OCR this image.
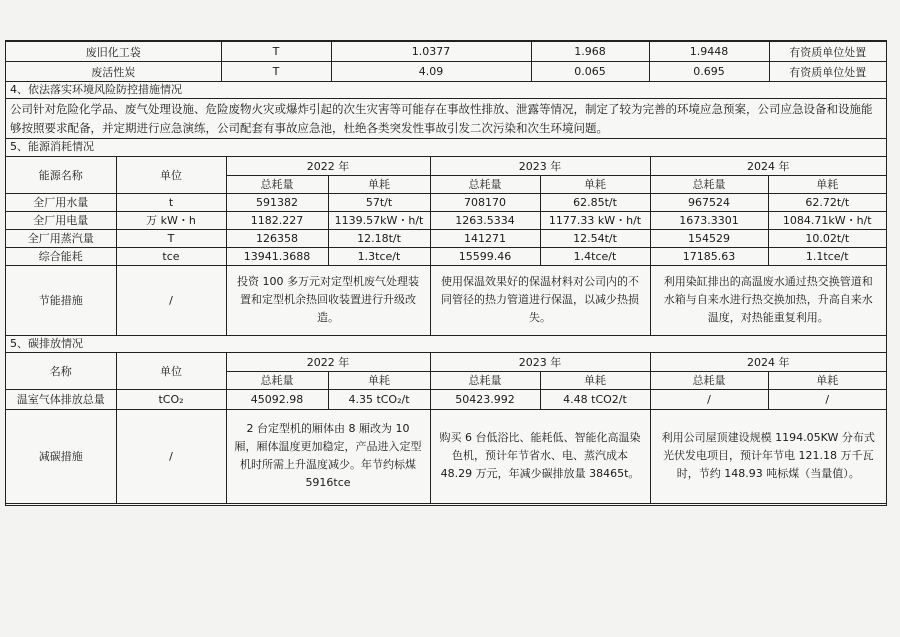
废旧化工袋	T	1.0377	1.968	1.9448	有资质单位处置
废活性炭	T	4.09	0.065	0.695	有资质单位处置
4、依法落实环境风险防控措施情况
公司针对危险化学品、废气处理设施、危险废物火灾或爆炸引起的次生灾害等可能存在事故性排放、泄露等情况，制定了较为完善的环境应急预案，公司应急设备和设施能够按照要求配备，并定期进行应急演练，公司配套有事故应急池，杜绝各类突发性事故引发二次污染和次生环境问题。
5、能源消耗情况
能源名称	单位	2022 年		2023 年		2024 年	
		总耗量	单耗	总耗量	单耗	总耗量	单耗
全厂用水量	t	591382	57t/t	708170	62.85t/t	967524	62.72t/t
全厂用电量	万 kW・h	1182.227	1139.57kW・h/t	1263.5334	1177.33 kW・h/t	1673.3301	1084.71kW・h/t
全厂用蒸汽量	T	126358	12.18t/t	141271	12.54t/t	154529	10.02t/t
综合能耗	tce	13941.3688	1.3tce/t	15599.46	1.4tce/t	17185.63	1.1tce/t
节能措施	/	投资 100 多万元对定型机废气处理装置和定型机余热回收装置进行升级改造。		使用保温效果好的保温材料对公司内的不同管径的热力管道进行保温，以减少热损失。		利用染缸排出的高温废水通过热交换管道和水箱与自来水进行热交换加热，升高自来水温度，对热能重复利用。	
5、碳排放情况
名称	单位	2022 年		2023 年		2024 年	
		总耗量	单耗	总耗量	单耗	总耗量	单耗
温室气体排放总量	tCO₂	45092.98	4.35 tCO₂/t	50423.992	4.48 tCO2/t	/	/
减碳措施	/	2 台定型机的厢体由 8 厢改为 10 厢，厢体温度更加稳定，产品进入定型机时所需上升温度减少。年节约标煤 5916tce		购买 6 台低浴比、能耗低、智能化高温染色机，预计年节省水、电、蒸汽成本 48.29 万元，年减少碳排放量 38465t。		利用公司屋顶建设规模 1194.05KW 分布式光伏发电项目，预计年节电 121.18 万千瓦时，节约 148.93 吨标煤（当量值）。	
